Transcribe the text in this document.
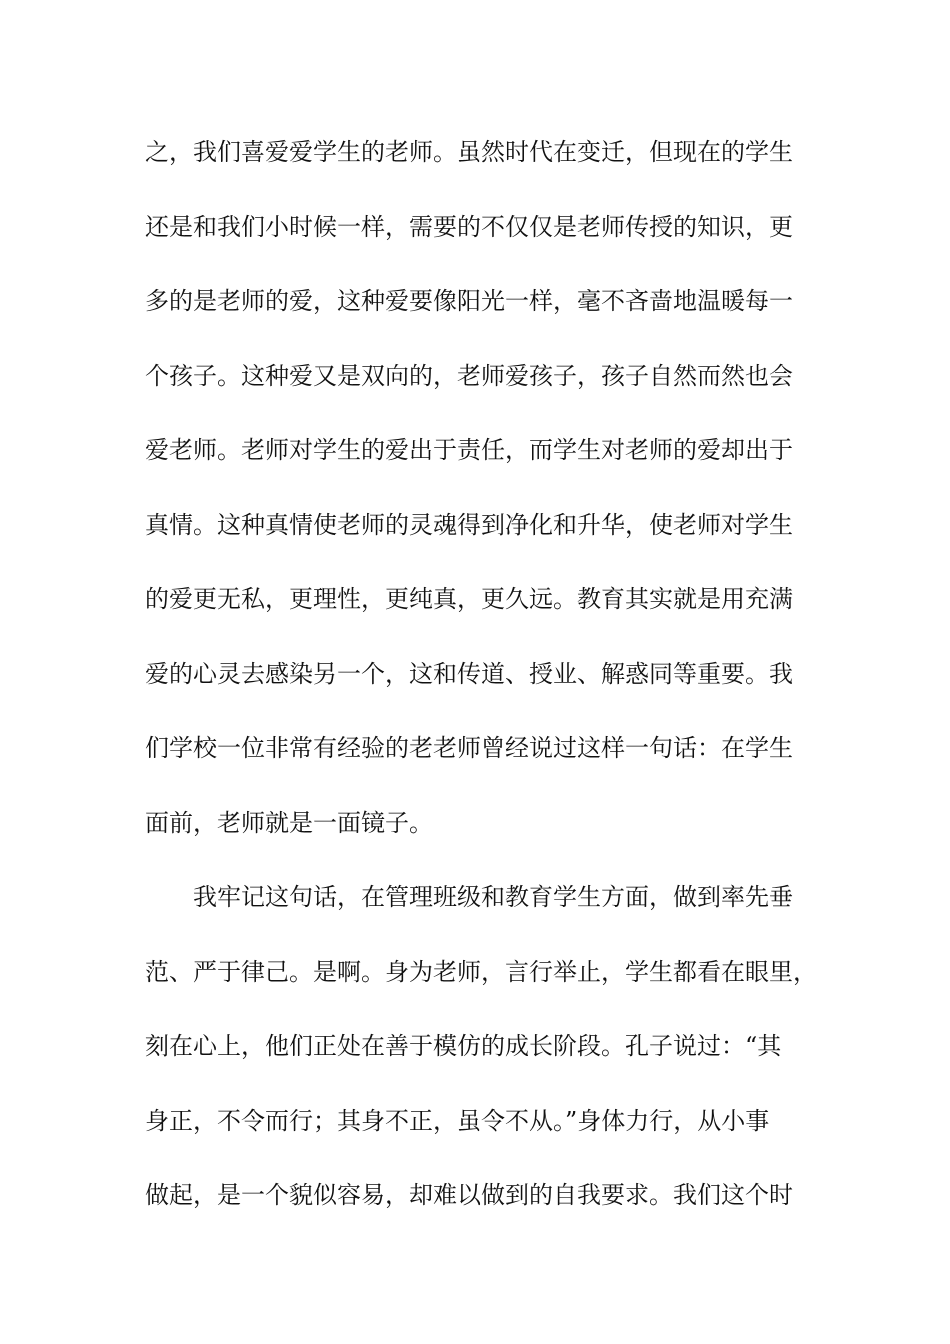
之，我们喜爱爱学生的老师。虽然时代在变迁，但现在的学生
还是和我们小时候一样，需要的不仅仅是老师传授的知识，更
多的是老师的爱，这种爱要像阳光一样，毫不吝啬地温暖每一
个孩子。这种爱又是双向的，老师爱孩子，孩子自然而然也会
爱老师。老师对学生的爱出于责任，而学生对老师的爱却出于
真情。这种真情使老师的灵魂得到净化和升华，使老师对学生
的爱更无私，更理性，更纯真，更久远。教育其实就是用充满
爱的心灵去感染另一个，这和传道、授业、解惑同等重要。我
们学校一位非常有经验的老老师曾经说过这样一句话：在学生
面前，老师就是一面镜子。
我牢记这句话，在管理班级和教育学生方面，做到率先垂
范、严于律己。是啊。身为老师，言行举止，学生都看在眼里，
刻在心上，他们正处在善于模仿的成长阶段。孔子说过：“其
身正，不令而行；其身不正，虽令不从。”身体力行，从小事
做起，是一个貌似容易，却难以做到的自我要求。我们这个时
